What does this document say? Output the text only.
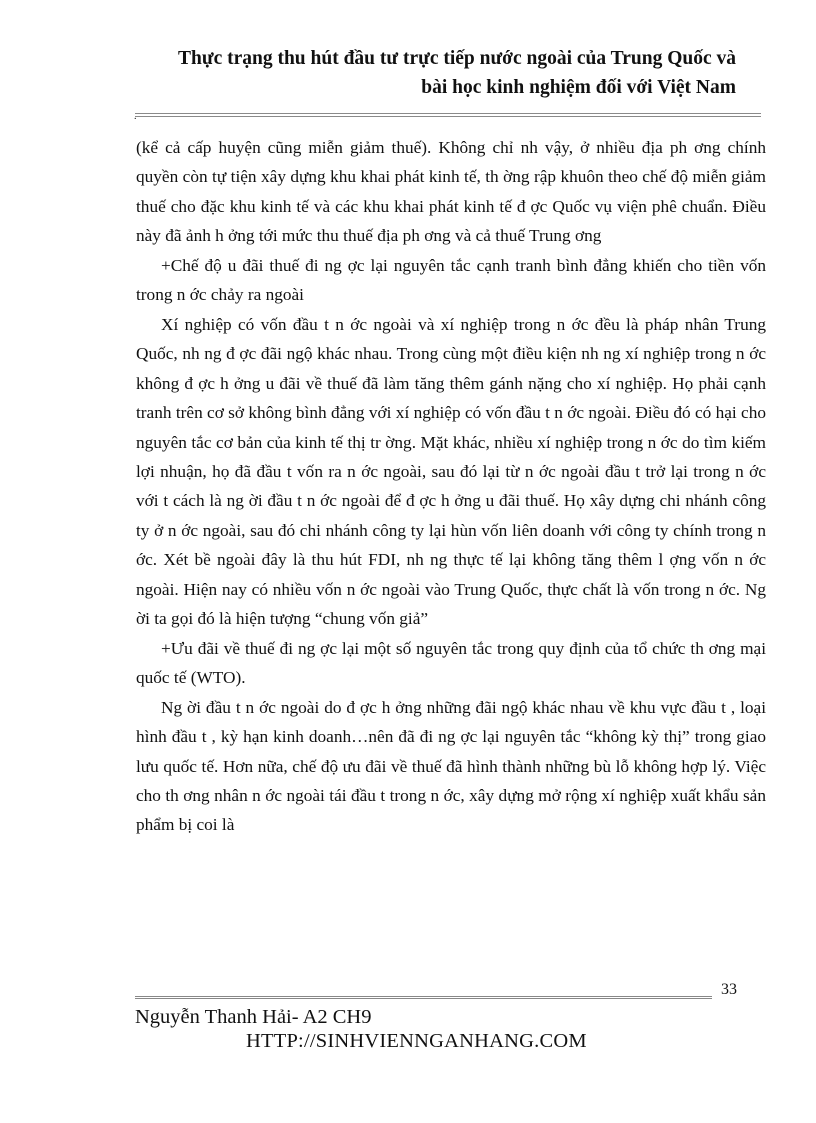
Thực trạng thu hút đầu tư trực tiếp nước ngoài của Trung Quốc và
bài học kinh nghiệm đối với Việt Nam
.

(kể cả cấp huyện cũng miễn giảm thuế). Không chỉ nh vậy, ở nhiều địa ph ơng chính quyền còn tự tiện xây dựng khu khai phát kinh tế, th ờng rập khuôn theo chế độ miễn giảm thuế cho đặc khu kinh tế và các khu khai phát kinh tế đ ợc Quốc vụ viện phê chuẩn. Điều này đã ảnh h ởng tới mức thu thuế địa ph ơng và cả thuế Trung ơng

+Chế độ u đãi thuế đi ng ợc lại nguyên tắc cạnh tranh bình đẳng khiến cho tiền vốn trong n ớc chảy ra ngoài

Xí nghiệp có vốn đầu t n ớc ngoài và xí nghiệp trong n ớc đều là pháp nhân Trung Quốc, nh ng đ ợc đãi ngộ khác nhau. Trong cùng một điều kiện nh ng xí nghiệp trong n ớc không đ ợc h ởng u đãi về thuế đã làm tăng thêm gánh nặng cho xí nghiệp. Họ phải cạnh tranh trên cơ sở không bình đẳng với xí nghiệp có vốn đầu t n ớc ngoài. Điều đó có hại cho nguyên tắc cơ bản của kinh tế thị tr ờng. Mặt khác, nhiều xí nghiệp trong n ớc do tìm kiếm lợi nhuận, họ đã đầu t vốn ra n ớc ngoài, sau đó lại từ n ớc ngoài đầu t trở lại trong n ớc với t cách là ng ời đầu t n ớc ngoài để đ ợc h ởng u đãi thuế. Họ xây dựng chi nhánh công ty ở n ớc ngoài, sau đó chi nhánh công ty lại hùn vốn liên doanh với công ty chính trong n ớc. Xét bề ngoài đây là thu hút FDI, nh ng thực tế lại không tăng thêm l ợng vốn n ớc ngoài. Hiện nay có nhiều vốn n ớc ngoài vào Trung Quốc, thực chất là vốn trong n ớc. Ng ời ta gọi đó là hiện tượng “chung vốn giả”

+Ưu đãi về thuế đi ng ợc lại một số nguyên tắc trong quy định của tổ chức th ơng mại quốc tế (WTO).

Ng ời đầu t n ớc ngoài do đ ợc h ởng những đãi ngộ khác nhau về khu vực đầu t , loại hình đầu t , kỳ hạn kinh doanh…nên đã đi ng ợc lại nguyên tắc “không kỳ thị” trong giao lưu quốc tế. Hơn nữa, chế độ ưu đãi về thuế đã hình thành những bù lỗ không hợp lý. Việc cho th ơng nhân n ớc ngoài tái đầu t trong n ớc, xây dựng mở rộng xí nghiệp xuất khẩu sản phẩm bị coi là

33
Nguyễn Thanh Hải- A2 CH9
HTTP://SINHVIENNGANHANG.COM
